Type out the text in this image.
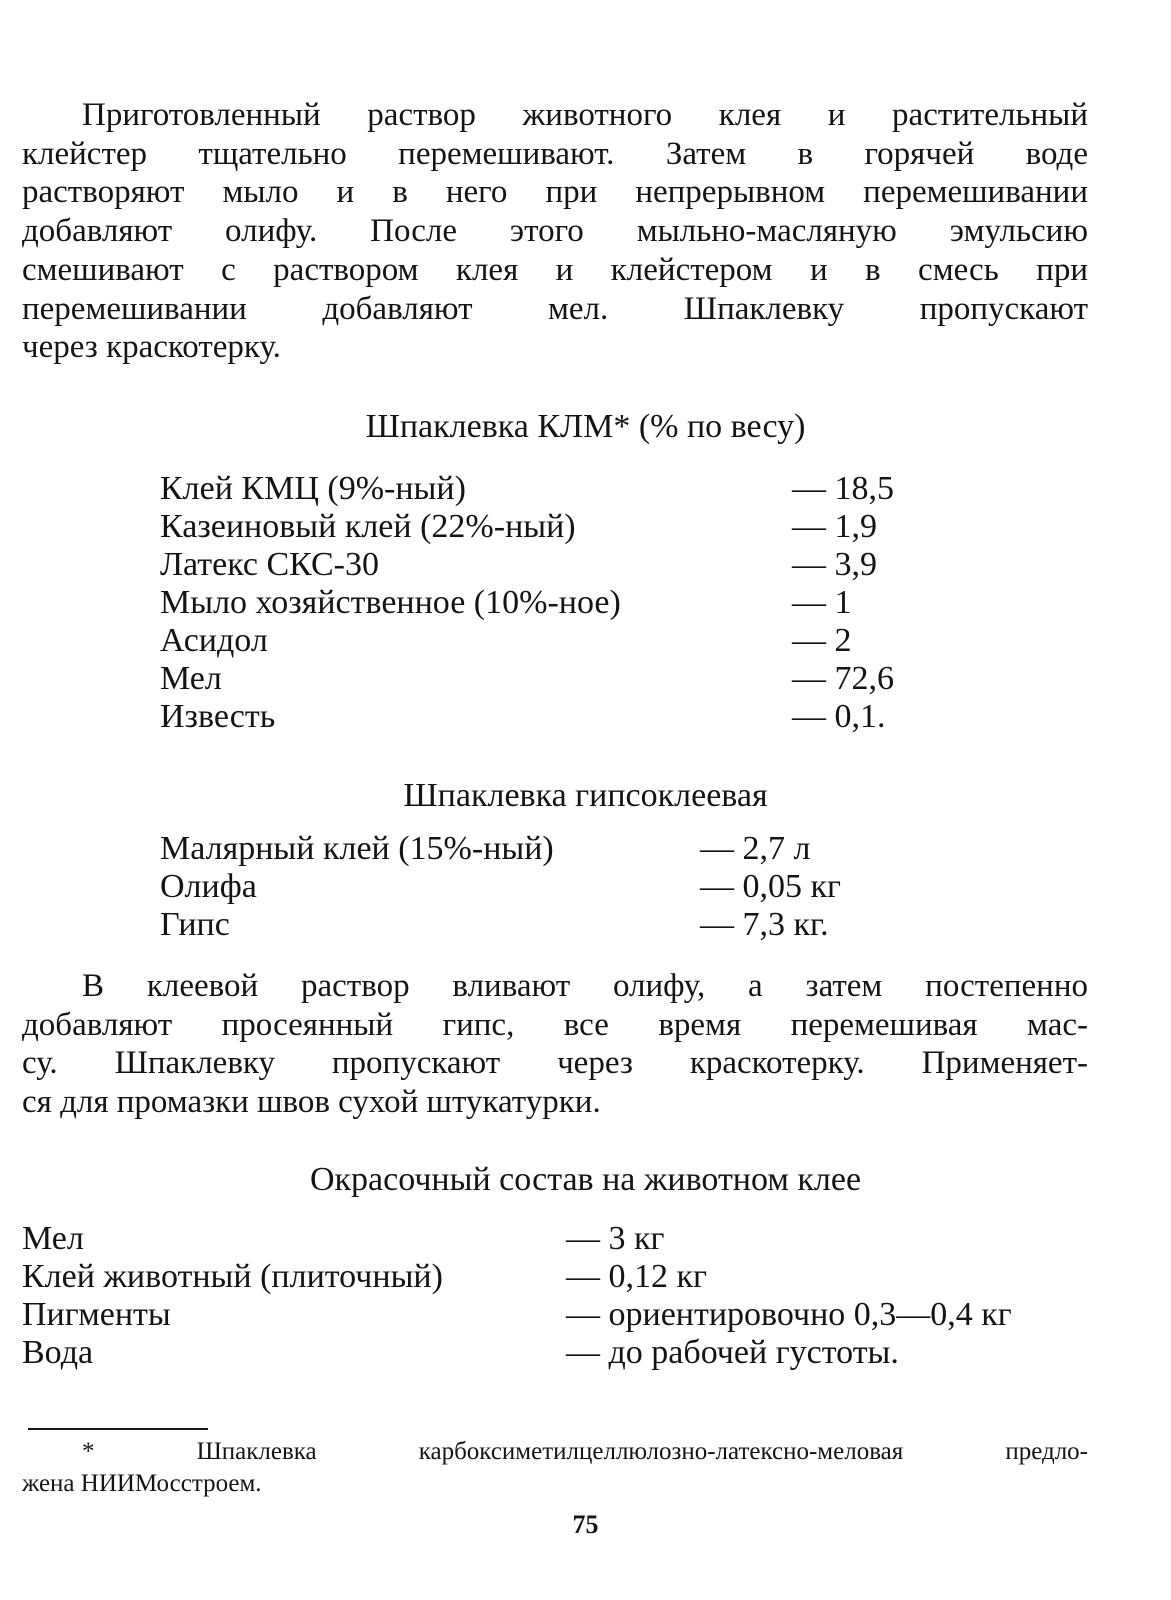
Приготовленный раствор животного клея и растительный
клейстер тщательно перемешивают. Затем в горячей воде
растворяют мыло и в него при непрерывном перемешивании
добавляют олифу. После этого мыльно-масляную эмульсию
смешивают с раствором клея и клейстером и в смесь при
перемешивании добавляют мел. Шпаклевку пропускают
через краскотерку.
Шпаклевка КЛМ* (% по весу)
Клей КМЦ (9%-ный)	— 18,5
Казеиновый клей (22%-ный)	— 1,9
Латекс СКС-30	— 3,9
Мыло хозяйственное (10%-ное)	— 1
Асидол	— 2
Мел	— 72,6
Известь	— 0,1.
Шпаклевка гипсоклеевая
Малярный клей (15%-ный)	— 2,7 л
Олифа	— 0,05 кг
Гипс	— 7,3 кг.
В клеевой раствор вливают олифу, а затем постепенно
добавляют просеянный гипс, все время перемешивая мас-
су. Шпаклевку пропускают через краскотерку. Применяет-
ся для промазки швов сухой штукатурки.
Окрасочный состав на животном клее
Мел	— 3 кг
Клей животный (плиточный)	— 0,12 кг
Пигменты	— ориентировочно 0,3—0,4 кг
Вода	— до рабочей густоты.
* Шпаклевка карбоксиметилцеллюлозно-латексно-меловая предло-
жена НИИМосстроем.
75
